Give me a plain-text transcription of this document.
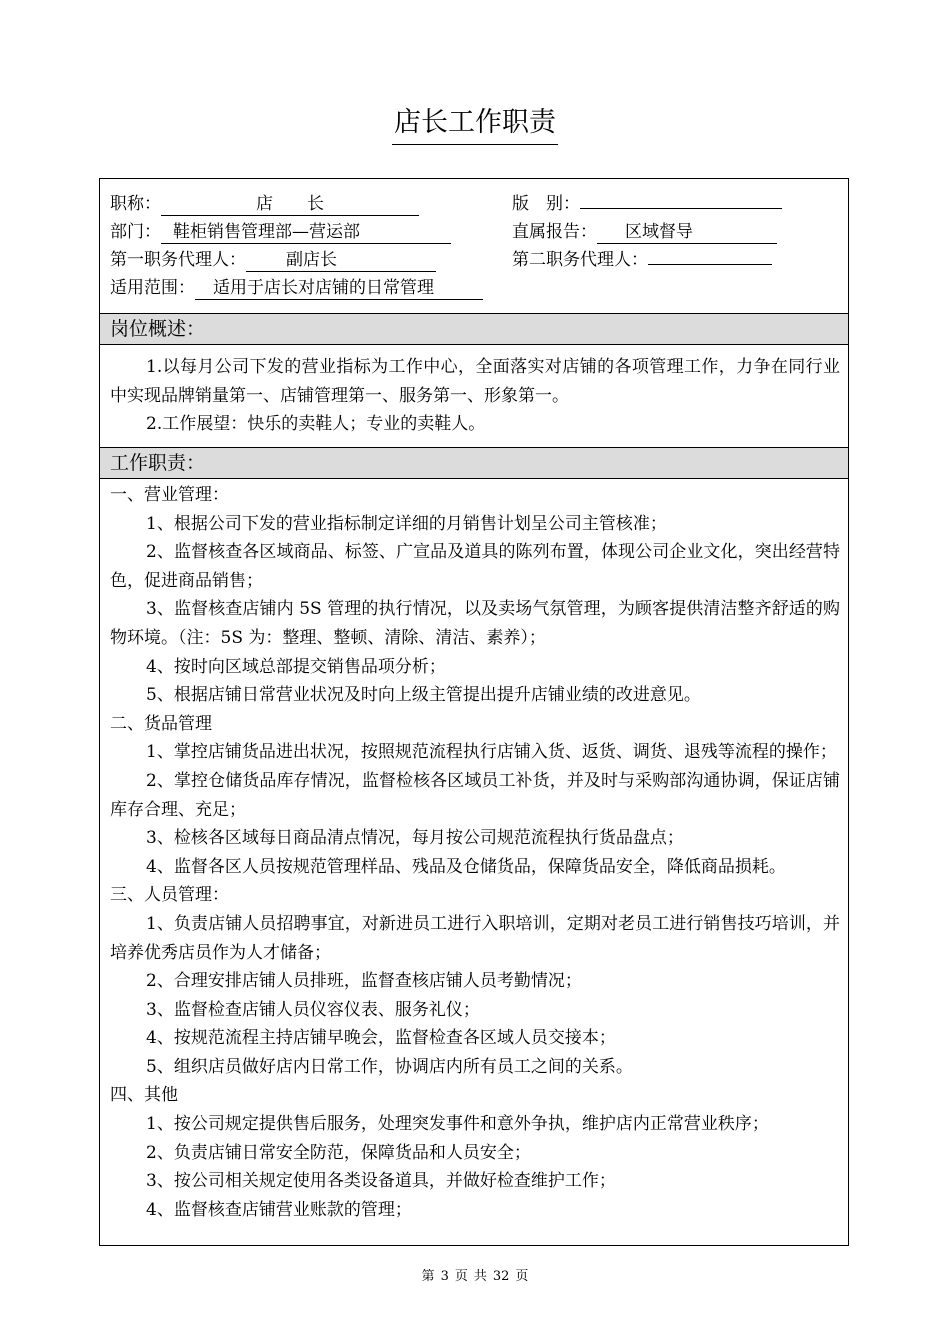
店长工作职责
职称：	店　　长	版　别：
部门： 鞋柜销售管理部—营运部	直属报告： 区域督导
第一职务代理人： 副店长	第二职务代理人：
适用范围： 适用于店长对店铺的日常管理
岗位概述：

1.以每月公司下发的营业指标为工作中心，全面落实对店铺的各项管理工作，力争在同行业中实现品牌销量第一、店铺管理第一、服务第一、形象第一。

2.工作展望：快乐的卖鞋人；专业的卖鞋人。

工作职责：

一、营业管理：

1、根据公司下发的营业指标制定详细的月销售计划呈公司主管核准；

2、监督核查各区域商品、标签、广宣品及道具的陈列布置，体现公司企业文化，突出经营特色，促进商品销售；

3、监督核查店铺内 5S 管理的执行情况，以及卖场气氛管理，为顾客提供清洁整齐舒适的购物环境。（注：5S 为：整理、整顿、清除、清洁、素养）；

4、按时向区域总部提交销售品项分析；

5、根据店铺日常营业状况及时向上级主管提出提升店铺业绩的改进意见。

二、货品管理

1、掌控店铺货品进出状况，按照规范流程执行店铺入货、返货、调货、退残等流程的操作；

2、掌控仓储货品库存情况，监督检核各区域员工补货，并及时与采购部沟通协调，保证店铺库存合理、充足；

3、检核各区域每日商品清点情况，每月按公司规范流程执行货品盘点；

4、监督各区人员按规范管理样品、残品及仓储货品，保障货品安全，降低商品损耗。

三、人员管理：

1、负责店铺人员招聘事宜，对新进员工进行入职培训，定期对老员工进行销售技巧培训，并培养优秀店员作为人才储备；

2、合理安排店铺人员排班，监督查核店铺人员考勤情况；

3、监督检查店铺人员仪容仪表、服务礼仪；

4、按规范流程主持店铺早晚会，监督检查各区域人员交接本；

5、组织店员做好店内日常工作，协调店内所有员工之间的关系。

四、其他

1、按公司规定提供售后服务，处理突发事件和意外争执，维护店内正常营业秩序；

2、负责店铺日常安全防范，保障货品和人员安全；

3、按公司相关规定使用各类设备道具，并做好检查维护工作；

4、监督核查店铺营业账款的管理；

第 3 页 共 32 页
